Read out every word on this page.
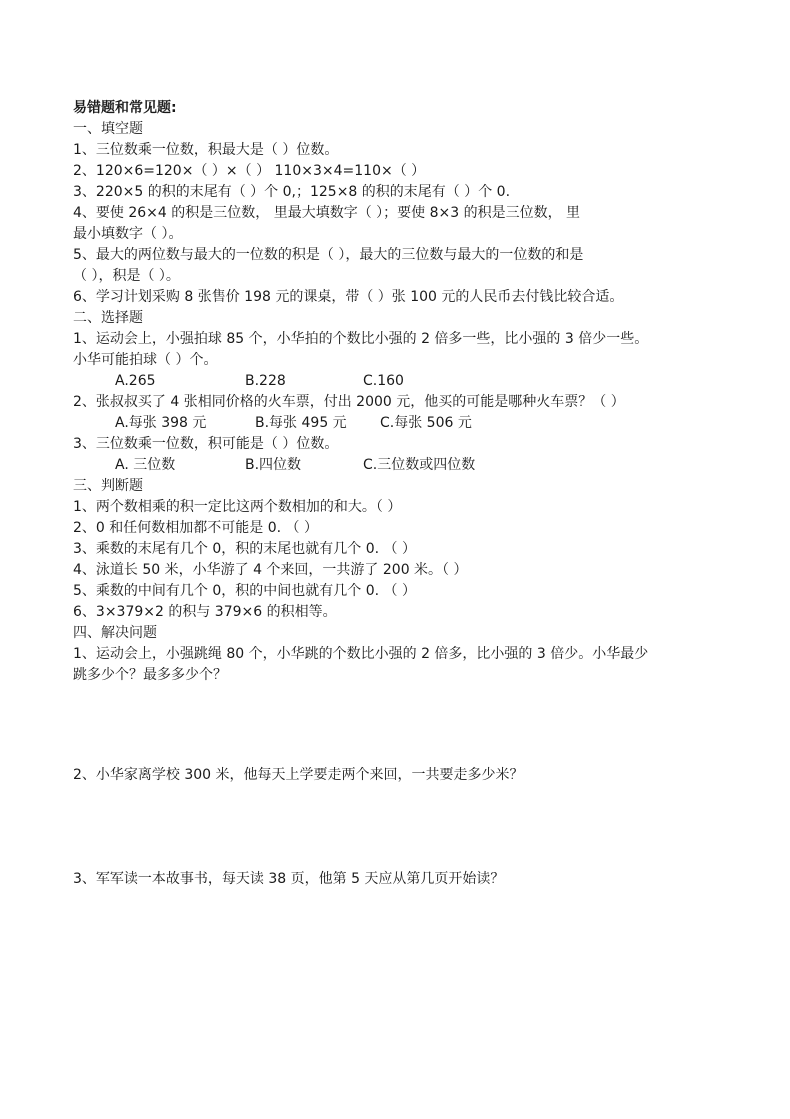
易错题和常见题:
一、填空题
1、三位数乘一位数，积最大是（ ）位数。
2、120×6=120×（ ）×（ ） 110×3×4=110×（ ）
3、220×5 的积的末尾有（ ）个 0,；125×8 的积的末尾有（ ）个 0.
4、要使 26×4 的积是三位数， 里最大填数字（ ）；要使 8×3 的积是三位数， 里
最小填数字（ ）。
5、最大的两位数与最大的一位数的积是（ ），最大的三位数与最大的一位数的和是
（ ），积是（ ）。
6、学习计划采购 8 张售价 198 元的课桌，带（ ）张 100 元的人民币去付钱比较合适。
二、选择题
1、运动会上，小强拍球 85 个，小华拍的个数比小强的 2 倍多一些，比小强的 3 倍少一些。
小华可能拍球（ ）个。
A.265	B.228	C.160
2、张叔叔买了 4 张相同价格的火车票，付出 2000 元，他买的可能是哪种火车票？（ ）
A.每张 398 元	B.每张 495 元 C.每张 506 元
3、三位数乘一位数，积可能是（ ）位数。
A. 三位数	B.四位数	C.三位数或四位数
三、判断题
1、两个数相乘的积一定比这两个数相加的和大。（ ）
2、0 和任何数相加都不可能是 0. （ ）
3、乘数的末尾有几个 0，积的末尾也就有几个 0. （ ）
4、泳道长 50 米，小华游了 4 个来回，一共游了 200 米。（ ）
5、乘数的中间有几个 0，积的中间也就有几个 0. （ ）
6、3×379×2 的积与 379×6 的积相等。
四、解决问题
1、运动会上，小强跳绳 80 个，小华跳的个数比小强的 2 倍多，比小强的 3 倍少。小华最少
跳多少个？最多多少个？
2、小华家离学校 300 米，他每天上学要走两个来回，一共要走多少米？
3、军军读一本故事书，每天读 38 页，他第 5 天应从第几页开始读？
